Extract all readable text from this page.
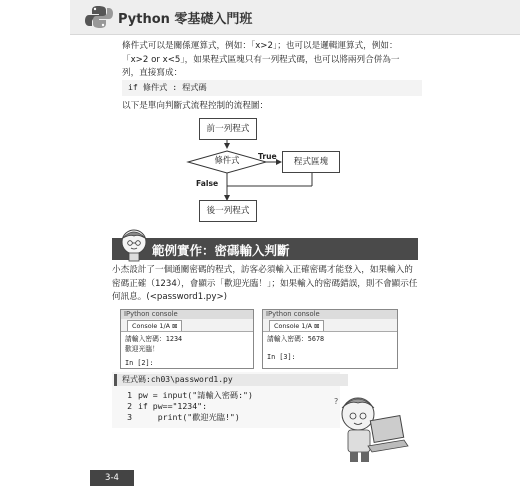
Python 零基礎入門班
條件式可以是關係運算式，例如：「x>2」；也可以是邏輯運算式，例如：「x>2 or x<5」，如果程式區塊只有一列程式碼，也可以將兩列合併為一列，直接寫成：
if 條件式 : 程式碼
以下是單向判斷式流程控制的流程圖：
前一列程式
條件式	True
程式區塊
False
後一列程式
範例實作：密碼輸入判斷
小杰設計了一個通關密碼的程式，訪客必須輸入正確密碼才能登入，如果輸入的密碼正確（1234），會顯示「歡迎光臨！」；如果輸入的密碼錯誤，則不會顯示任何訊息。(<password1.py>)
IPython console
Console 1/A ⊠
請輸入密碼：1234
歡迎光臨！
In [2]:
IPython console
Console 1/A ⊠
請輸入密碼：5678
In [3]:
程式碼:ch03\password1.py
1 pw = input("請輸入密碼:")
2 if pw=="1234":
3    print("歡迎光臨!")
?
3-4
